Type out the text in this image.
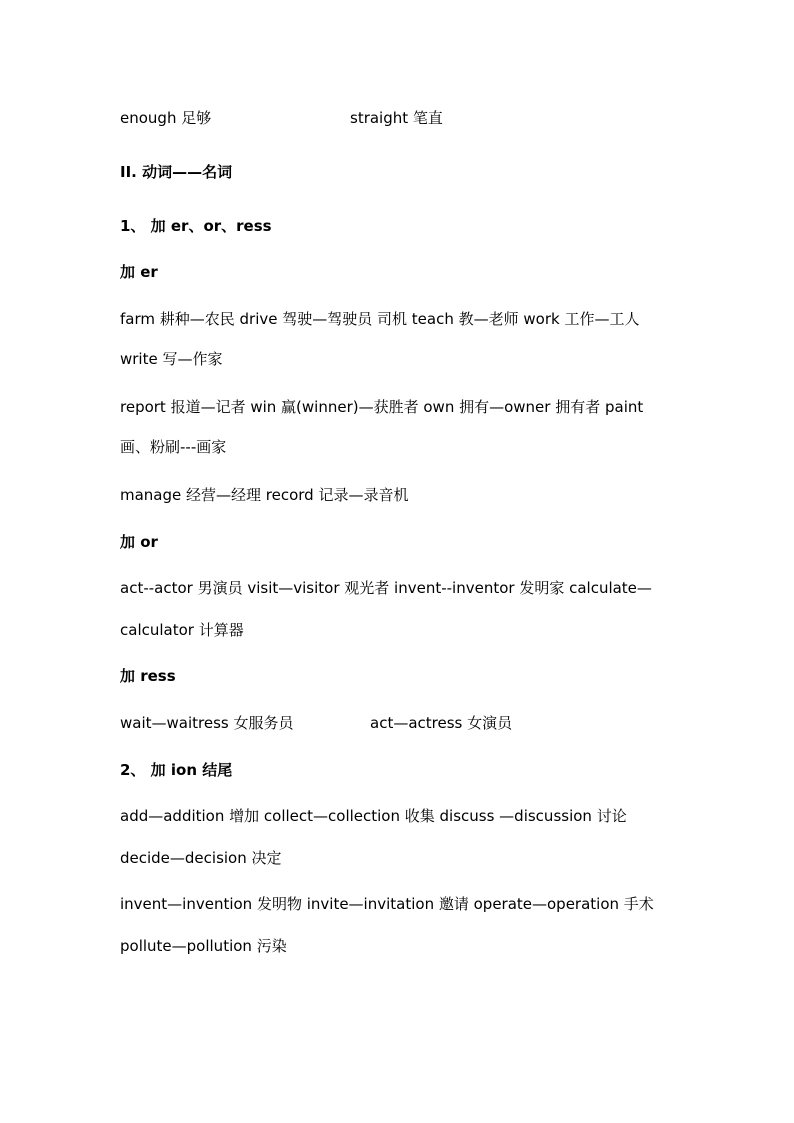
enough 足够	straight 笔直
II. 动词——名词
1、 加 er、or、ress
加 er
farm 耕种—农民 drive 驾驶—驾驶员 司机 teach 教—老师 work 工作—工人
write 写—作家
report 报道—记者 win 赢(winner)—获胜者 own 拥有—owner 拥有者 paint
画、粉刷---画家
manage 经营—经理 record 记录—录音机
加 or
act--actor 男演员 visit—visitor 观光者 invent--inventor 发明家 calculate—
calculator 计算器
加 ress
wait—waitress 女服务员	act—actress 女演员
2、 加 ion 结尾
add—addition 增加 collect—collection 收集 discuss —discussion 讨论
decide—decision 决定
invent—invention 发明物 invite—invitation 邀请 operate—operation 手术
pollute—pollution 污染
